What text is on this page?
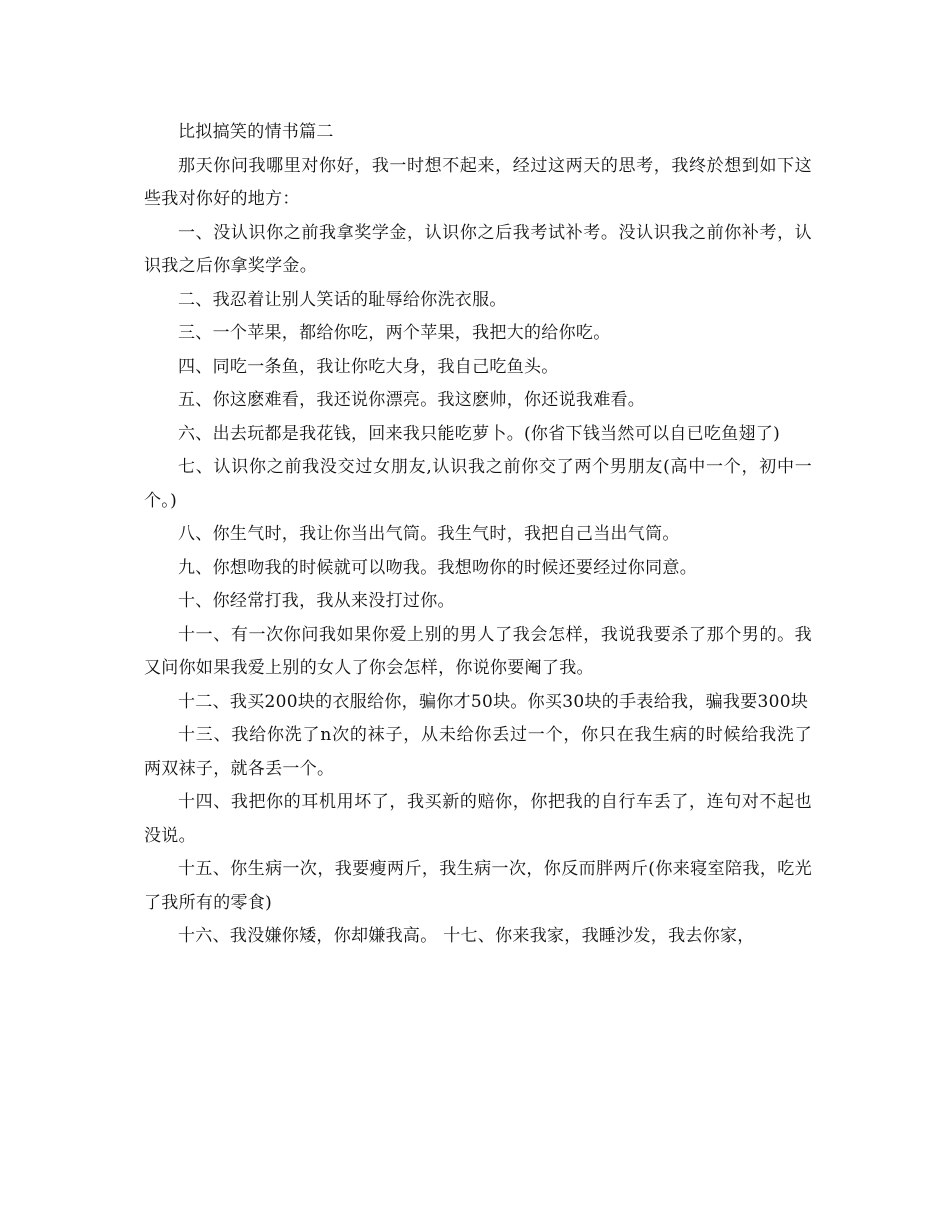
比拟搞笑的情书篇二

那天你问我哪里对你好，我一时想不起来，经过这两天的思考，我终於想到如下这些我对你好的地方：

一、没认识你之前我拿奖学金，认识你之后我考试补考。没认识我之前你补考，认识我之后你拿奖学金。

二、我忍着让别人笑话的耻辱给你洗衣服。

三、一个苹果，都给你吃，两个苹果，我把大的给你吃。

四、同吃一条鱼，我让你吃大身，我自己吃鱼头。

五、你这麽难看，我还说你漂亮。我这麽帅，你还说我难看。

六、出去玩都是我花钱，回来我只能吃萝卜。(你省下钱当然可以自已吃鱼翅了)

七、认识你之前我没交过女朋友,认识我之前你交了两个男朋友(高中一个，初中一个。)

八、你生气时，我让你当出气筒。我生气时，我把自己当出气筒。

九、你想吻我的时候就可以吻我。我想吻你的时候还要经过你同意。

十、你经常打我，我从来没打过你。

十一、有一次你问我如果你爱上别的男人了我会怎样，我说我要杀了那个男的。我又问你如果我爱上别的女人了你会怎样，你说你要阉了我。

十二、我买200块的衣服给你，骗你才50块。你买30块的手表给我，骗我要300块

十三、我给你洗了n次的袜子，从未给你丢过一个，你只在我生病的时候给我洗了两双袜子，就各丢一个。

十四、我把你的耳机用坏了，我买新的赔你，你把我的自行车丢了，连句对不起也没说。

十五、你生病一次，我要瘦两斤，我生病一次，你反而胖两斤(你来寝室陪我，吃光了我所有的零食)

十六、我没嫌你矮，你却嫌我高。 十七、你来我家，我睡沙发，我去你家，
